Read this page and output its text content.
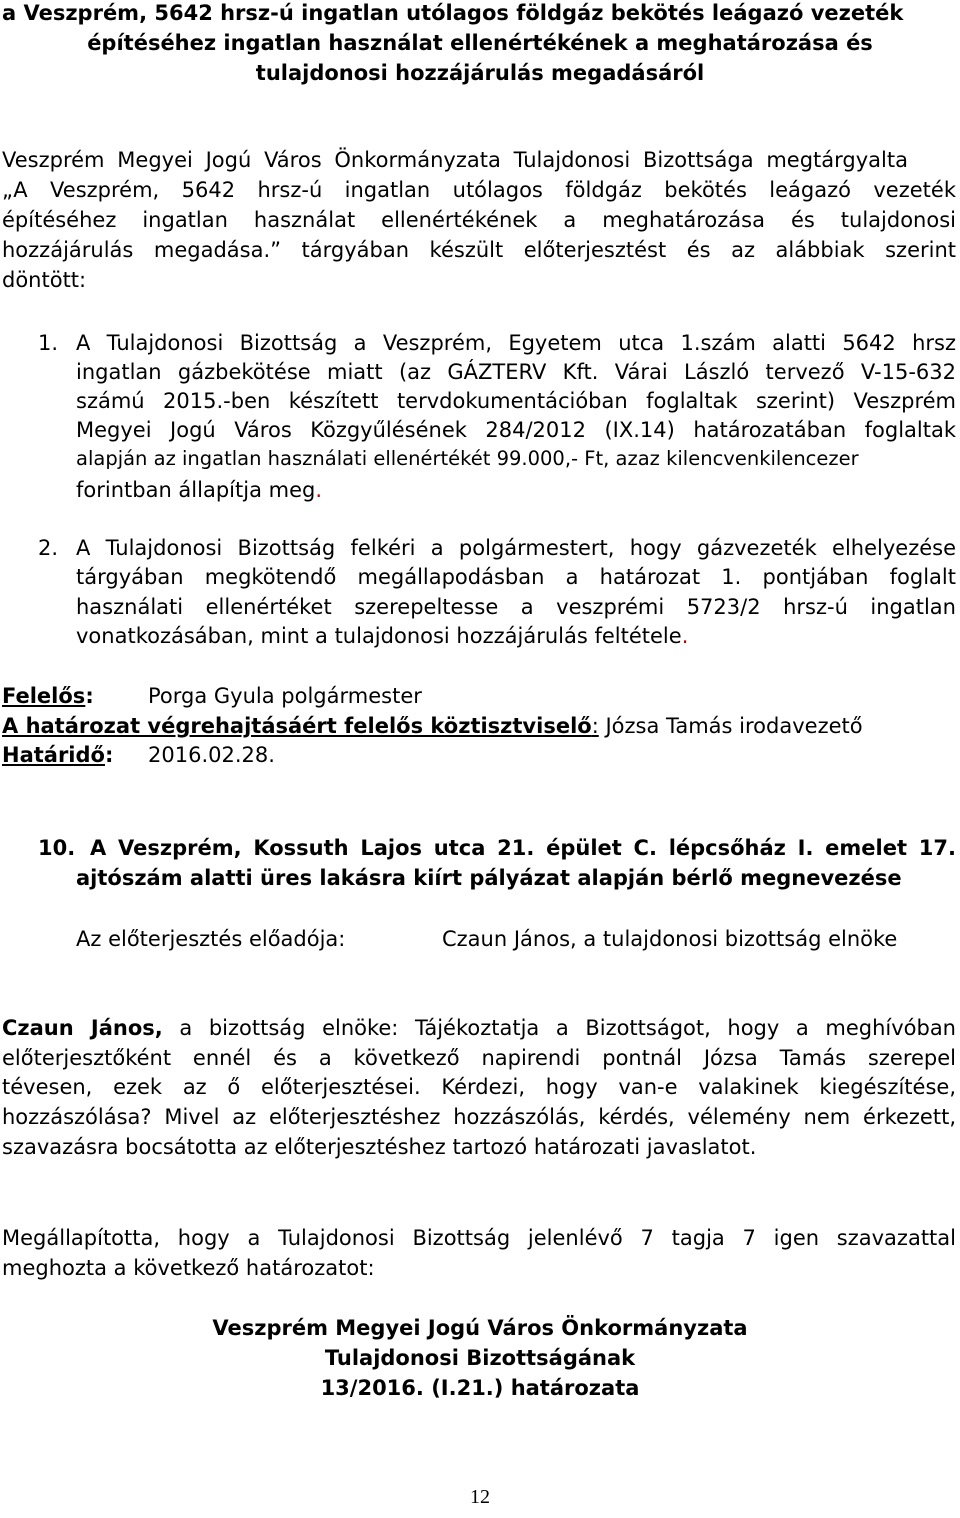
a Veszprém, 5642 hrsz-ú ingatlan utólagos földgáz bekötés leágazó vezeték
építéséhez ingatlan használat ellenértékének a meghatározása és
tulajdonosi hozzájárulás megadásáról
Veszprém Megyei Jogú Város Önkormányzata Tulajdonosi Bizottsága megtárgyalta
„A Veszprém, 5642 hrsz-ú ingatlan utólagos földgáz bekötés leágazó vezeték
építéséhez ingatlan használat ellenértékének a meghatározása és tulajdonosi
hozzájárulás megadása.” tárgyában készült előterjesztést és az alábbiak szerint
döntött:
1. A Tulajdonosi Bizottság a Veszprém, Egyetem utca 1.szám alatti 5642 hrsz
ingatlan gázbekötése miatt (az GÁZTERV Kft. Várai László tervező V-15-632
számú 2015.-ben készített tervdokumentációban foglaltak szerint) Veszprém
Megyei Jogú Város Közgyűlésének 284/2012 (IX.14) határozatában foglaltak
alapján az ingatlan használati ellenértékét 99.000,- Ft, azaz kilencvenkilencezer
forintban állapítja meg.
2. A Tulajdonosi Bizottság felkéri a polgármestert, hogy gázvezeték elhelyezése
tárgyában megkötendő megállapodásban a határozat 1. pontjában foglalt
használati ellenértéket szerepeltesse a veszprémi 5723/2 hrsz-ú ingatlan
vonatkozásában, mint a tulajdonosi hozzájárulás feltétele.
Felelős:	Porga Gyula polgármester
A határozat végrehajtásáért felelős köztisztviselő: Józsa Tamás irodavezető
Határidő: 2016.02.28.
10. A Veszprém, Kossuth Lajos utca 21. épület C. lépcsőház I. emelet 17.
ajtószám alatti üres lakásra kiírt pályázat alapján bérlő megnevezése
Az előterjesztés előadója:	Czaun János, a tulajdonosi bizottság elnöke
Czaun János, a bizottság elnöke: Tájékoztatja a Bizottságot, hogy a meghívóban
előterjesztőként ennél és a következő napirendi pontnál Józsa Tamás szerepel
tévesen, ezek az ő előterjesztései. Kérdezi, hogy van-e valakinek kiegészítése,
hozzászólása? Mivel az előterjesztéshez hozzászólás, kérdés, vélemény nem érkezett,
szavazásra bocsátotta az előterjesztéshez tartozó határozati javaslatot.
Megállapította, hogy a Tulajdonosi Bizottság jelenlévő 7 tagja 7 igen szavazattal
meghozta a következő határozatot:
Veszprém Megyei Jogú Város Önkormányzata
Tulajdonosi Bizottságának
13/2016. (I.21.) határozata
12
